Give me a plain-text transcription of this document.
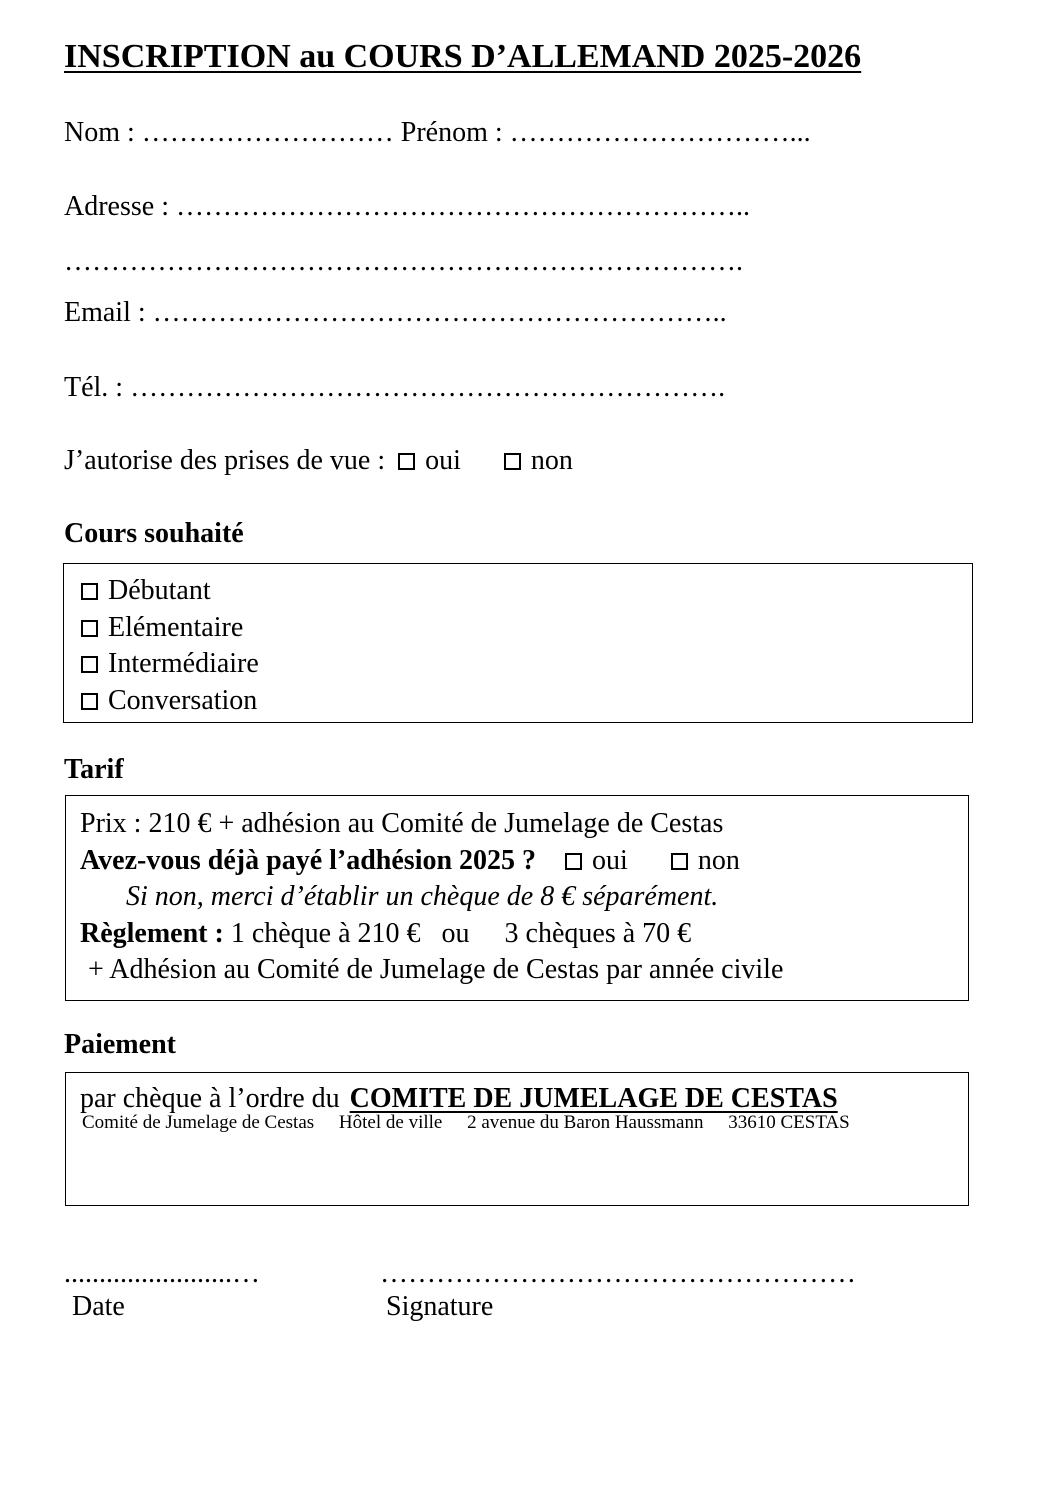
INSCRIPTION au COURS D’ALLEMAND 2025-2026
Nom : ……………………… Prénom : …………………………...
Adresse : ……………………………………………………..
……………………………………………………………….
Email : ……………………………………………………..
Tél. : ……………………………………………………….
J’autorise des prises de vue : oui	non
Cours souhaité
Débutant
Elémentaire
Intermédiaire
Conversation
Tarif
Prix : 210 € + adhésion au Comité de Jumelage de Cestas
Avez-vous déjà payé l’adhésion 2025 ? oui	non
Si non, merci d’établir un chèque de 8 € séparément.
Règlement : 1 chèque à 210 €   ou     3 chèques à 70 €
+ Adhésion au Comité de Jumelage de Cestas par année civile
Paiement
par chèque à l’ordre du COMITE DE JUMELAGE DE CESTAS
Comité de Jumelage de Cestas Hôtel de ville 2 avenue du Baron Haussmann 33610 CESTAS
........................…	……………………………………………
Date	Signature
